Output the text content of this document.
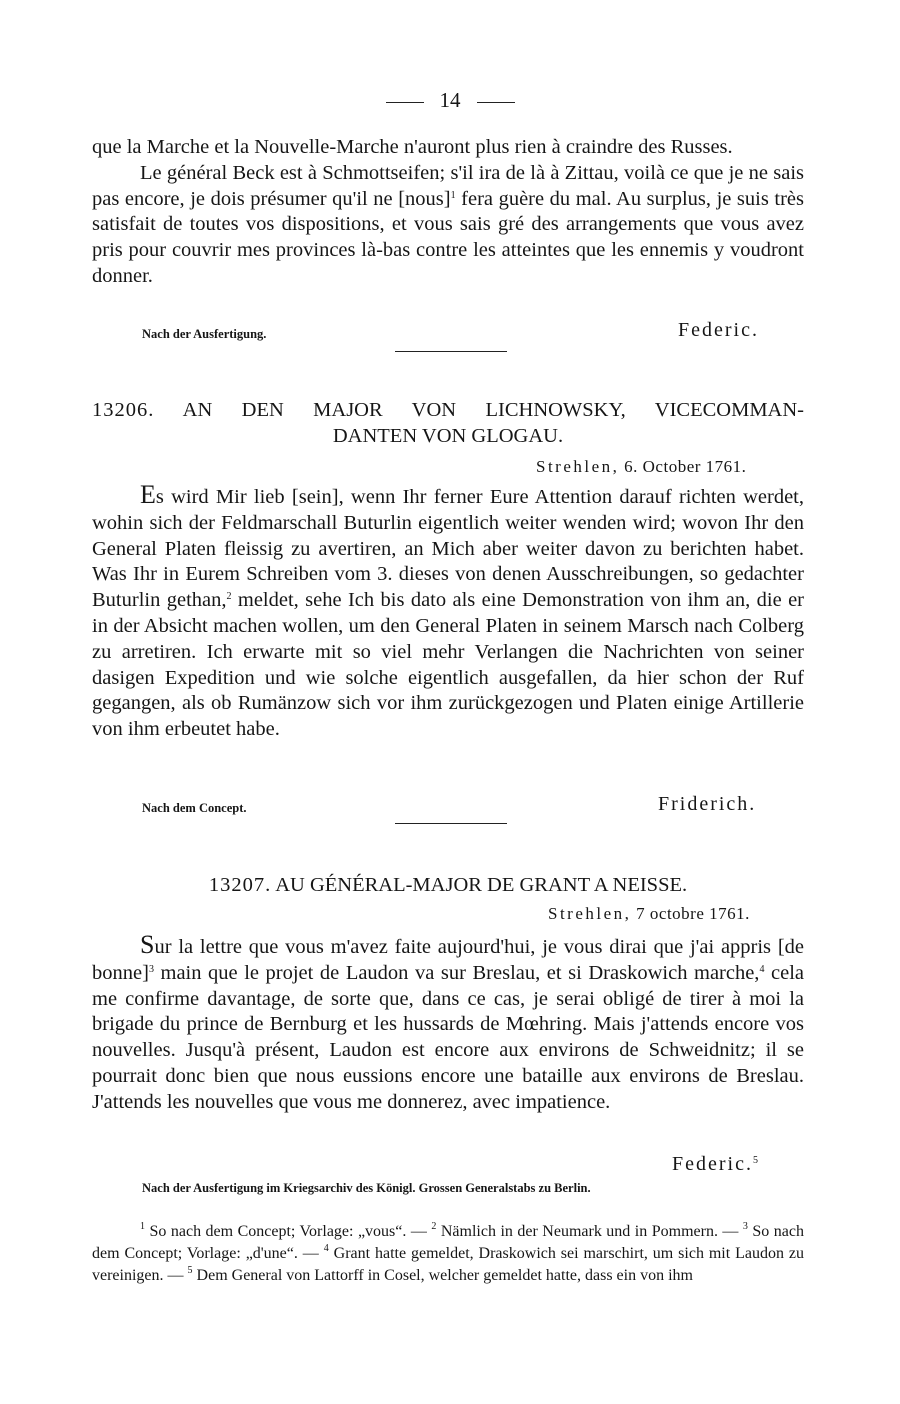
14

que la Marche et la Nouvelle-Marche n'auront plus rien à craindre des Russes.

Le général Beck est à Schmottseifen; s'il ira de là à Zittau, voilà ce que je ne sais pas encore, je dois présumer qu'il ne [nous]$^1$ fera guère du mal. Au surplus, je suis très satisfait de toutes vos dispositions, et vous sais gré des arrangements que vous avez pris pour couvrir mes provinces là-bas contre les atteintes que les ennemis y voudront donner.

Nach der Ausfertigung.	Federic.
13206. AN DEN MAJOR VON LICHNOWSKY, VICECOMMAN-
DANTEN VON GLOGAU.
Strehlen, 6. October 1761.

Es wird Mir lieb [sein], wenn Ihr ferner Eure Attention darauf richten werdet, wohin sich der Feldmarschall Buturlin eigentlich weiter wenden wird; wovon Ihr den General Platen fleissig zu avertiren, an Mich aber weiter davon zu berichten habet. Was Ihr in Eurem Schreiben vom 3. dieses von denen Ausschreibungen, so gedachter Buturlin gethan,$^2$ meldet, sehe Ich bis dato als eine Demonstration von ihm an, die er in der Absicht machen wollen, um den General Platen in seinem Marsch nach Colberg zu arretiren. Ich erwarte mit so viel mehr Verlangen die Nachrichten von seiner dasigen Expedition und wie solche eigentlich ausgefallen, da hier schon der Ruf gegangen, als ob Rumänzow sich vor ihm zurückgezogen und Platen einige Artillerie von ihm erbeutet habe.

Nach dem Concept.	Friderich.
13207. AU GÉNÉRAL-MAJOR DE GRANT A NEISSE.
Strehlen, 7 octobre 1761.

Sur la lettre que vous m'avez faite aujourd'hui, je vous dirai que j'ai appris [de bonne]$^3$ main que le projet de Laudon va sur Breslau, et si Draskowich marche,$^4$ cela me confirme davantage, de sorte que, dans ce cas, je serai obligé de tirer à moi la brigade du prince de Bernburg et les hussards de Mœhring. Mais j'attends encore vos nouvelles. Jusqu'à présent, Laudon est encore aux environs de Schweidnitz; il se pourrait donc bien que nous eussions encore une bataille aux environs de Breslau. J'attends les nouvelles que vous me donnerez, avec impatience.

Federic.$^5$
Nach der Ausfertigung im Kriegsarchiv des Königl. Grossen Generalstabs zu Berlin.

$^1$ So nach dem Concept; Vorlage: „vous“. — $^2$ Nämlich in der Neumark und in Pommern. — $^3$ So nach dem Concept; Vorlage: „d'une“. — $^4$ Grant hatte gemeldet, Draskowich sei marschirt, um sich mit Laudon zu vereinigen. — $^5$ Dem General von Lattorff in Cosel, welcher gemeldet hatte, dass ein von ihm
